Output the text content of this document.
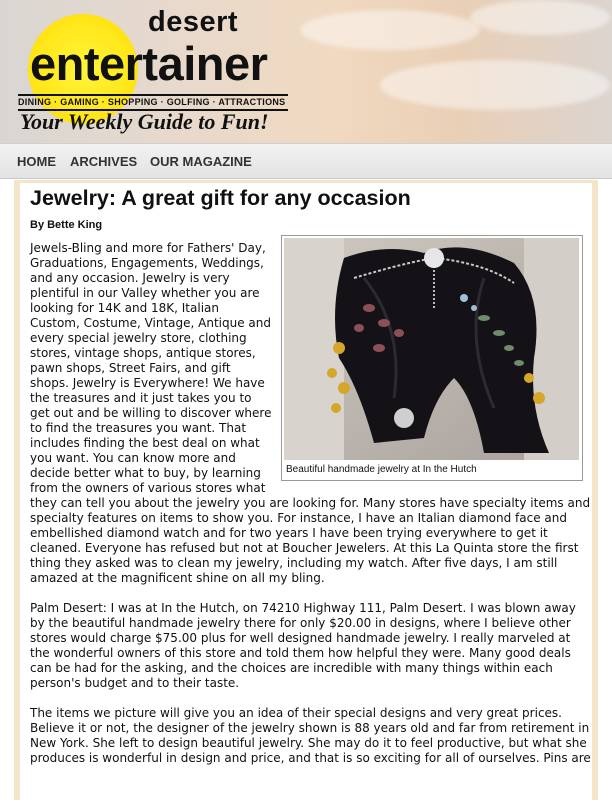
desert
entertainer
DINING · GAMING · SHOPPING · GOLFING · ATTRACTIONS
Your Weekly Guide to Fun!
HOME ARCHIVES OUR MAGAZINE
Jewelry: A great gift for any occasion
By Bette King
Beautiful handmade jewelry at In the Hutch
Jewels-Bling and more for Fathers' Day,
Graduations, Engagements, Weddings,
and any occasion. Jewelry is very
plentiful in our Valley whether you are
looking for 14K and 18K, Italian
Custom, Costume, Vintage, Antique and
every special jewelry store, clothing
stores, vintage shops, antique stores,
pawn shops, Street Fairs, and gift
shops. Jewelry is Everywhere! We have
the treasures and it just takes you to
get out and be willing to discover where
to find the treasures you want. That
includes finding the best deal on what
you want. You can know more and
decide better what to buy, by learning
from the owners of various stores what
they can tell you about the jewelry you are looking for. Many stores have specialty items and
specialty features on items to show you. For instance, I have an Italian diamond face and
embellished diamond watch and for two years I have been trying everywhere to get it
cleaned. Everyone has refused but not at Boucher Jewelers. At this La Quinta store the first
thing they asked was to clean my jewelry, including my watch. After five days, I am still
amazed at the magnificent shine on all my bling.
Palm Desert: I was at In the Hutch, on 74210 Highway 111, Palm Desert. I was blown away
by the beautiful handmade jewelry there for only $20.00 in designs, where I believe other
stores would charge $75.00 plus for well designed handmade jewelry. I really marveled at
the wonderful owners of this store and told them how helpful they were. Many good deals
can be had for the asking, and the choices are incredible with many things within each
person's budget and to their taste.
The items we picture will give you an idea of their special designs and very great prices.
Believe it or not, the designer of the jewelry shown is 88 years old and far from retirement in
New York. She left to design beautiful jewelry. She may do it to feel productive, but what she
produces is wonderful in design and price, and that is so exciting for all of ourselves. Pins are
